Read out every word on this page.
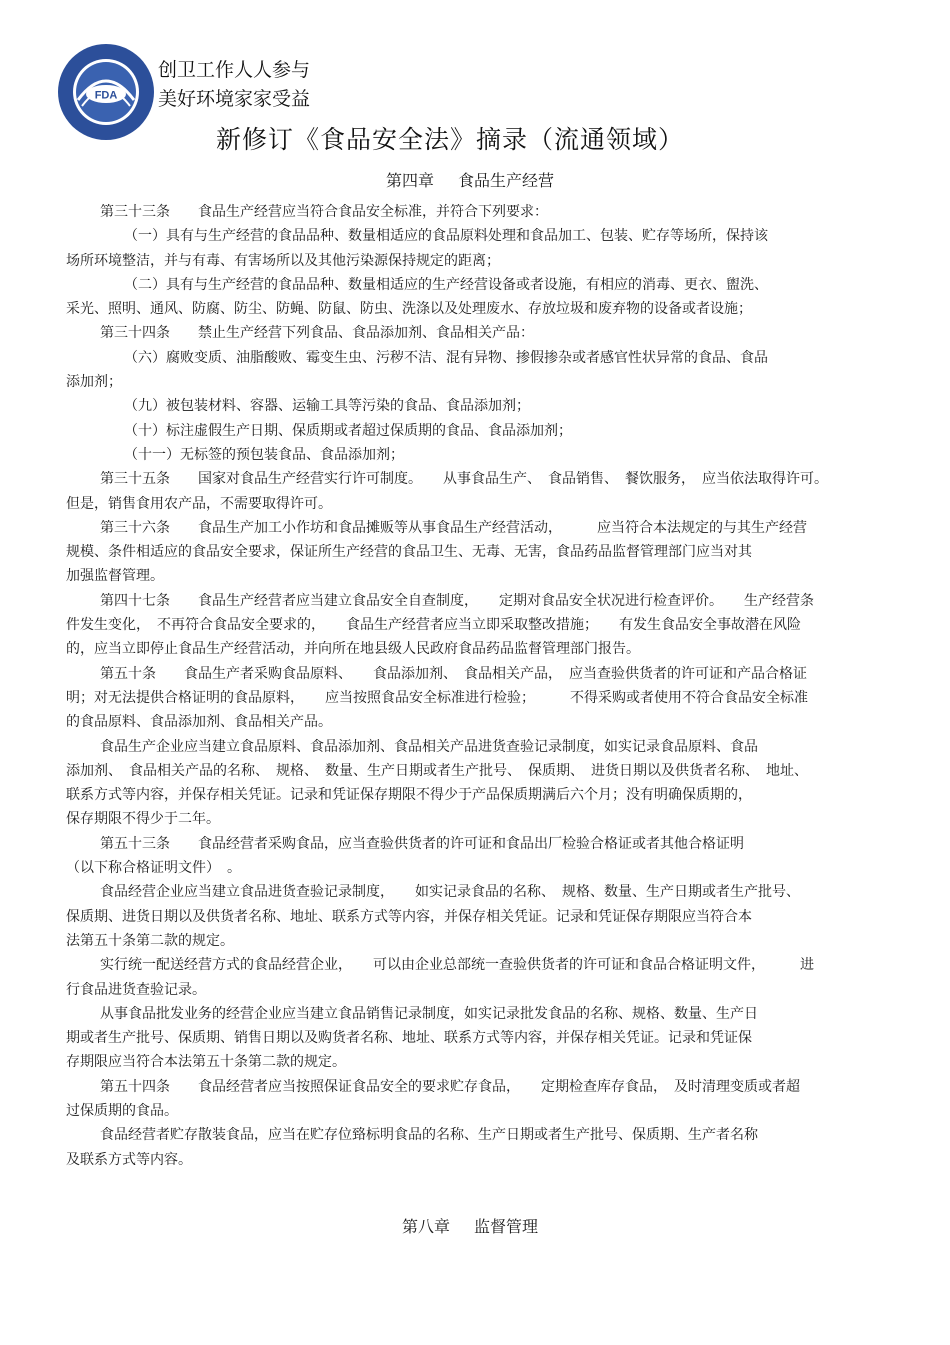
FDA
创卫工作人人参与
美好环境家家受益
新修订《食品安全法》摘录（流通领域）
第四章 食品生产经营
第三十三条　　食品生产经营应当符合食品安全标准，并符合下列要求：
（一）具有与生产经营的食品品种、数量相适应的食品原料处理和食品加工、包装、贮存等场所，保持该
场所环境整洁，并与有毒、有害场所以及其他污染源保持规定的距离；
（二）具有与生产经营的食品品种、数量相适应的生产经营设备或者设施，有相应的消毒、更衣、盥洗、
采光、照明、通风、防腐、防尘、防蝇、防鼠、防虫、洗涤以及处理废水、存放垃圾和废弃物的设备或者设施；
第三十四条　　禁止生产经营下列食品、食品添加剂、食品相关产品：
（六）腐败变质、油脂酸败、霉变生虫、污秽不洁、混有异物、掺假掺杂或者感官性状异常的食品、食品
添加剂；
（九）被包装材料、容器、运输工具等污染的食品、食品添加剂；
（十）标注虚假生产日期、保质期或者超过保质期的食品、食品添加剂；
（十一）无标签的预包装食品、食品添加剂；
第三十五条　　国家对食品生产经营实行许可制度。　　从事食品生产、　食品销售、　餐饮服务，　应当依法取得许可。
但是，销售食用农产品，不需要取得许可。
第三十六条　　食品生产加工小作坊和食品摊贩等从事食品生产经营活动，　　　应当符合本法规定的与其生产经营
规模、条件相适应的食品安全要求，保证所生产经营的食品卫生、无毒、无害，食品药品监督管理部门应当对其
加强监督管理。
第四十七条　　食品生产经营者应当建立食品安全自查制度，　　定期对食品安全状况进行检查评价。　　生产经营条
件发生变化，　不再符合食品安全要求的，　　食品生产经营者应当立即采取整改措施；　　有发生食品安全事故潜在风险
的，应当立即停止食品生产经营活动，并向所在地县级人民政府食品药品监督管理部门报告。
第五十条　　食品生产者采购食品原料、　　食品添加剂、　食品相关产品，　应当查验供货者的许可证和产品合格证
明；对无法提供合格证明的食品原料，　　应当按照食品安全标准进行检验；　　　不得采购或者使用不符合食品安全标准
的食品原料、食品添加剂、食品相关产品。
食品生产企业应当建立食品原料、食品添加剂、食品相关产品进货查验记录制度，如实记录食品原料、食品
添加剂、　食品相关产品的名称、　规格、　数量、生产日期或者生产批号、　保质期、　进货日期以及供货者名称、　地址、
联系方式等内容，并保存相关凭证。记录和凭证保存期限不得少于产品保质期满后六个月；没有明确保质期的，
保存期限不得少于二年。
第五十三条　　食品经营者采购食品，应当查验供货者的许可证和食品出厂检验合格证或者其他合格证明
（以下称合格证明文件）　。
食品经营企业应当建立食品进货查验记录制度，　　如实记录食品的名称、　规格、数量、生产日期或者生产批号、
保质期、进货日期以及供货者名称、地址、联系方式等内容，并保存相关凭证。记录和凭证保存期限应当符合本
法第五十条第二款的规定。
实行统一配送经营方式的食品经营企业，　　可以由企业总部统一查验供货者的许可证和食品合格证明文件，　　　进
行食品进货查验记录。
从事食品批发业务的经营企业应当建立食品销售记录制度，如实记录批发食品的名称、规格、数量、生产日
期或者生产批号、保质期、销售日期以及购货者名称、地址、联系方式等内容，并保存相关凭证。记录和凭证保
存期限应当符合本法第五十条第二款的规定。
第五十四条　　食品经营者应当按照保证食品安全的要求贮存食品，　　定期检查库存食品，　及时清理变质或者超
过保质期的食品。
食品经营者贮存散装食品，应当在贮存位臵标明食品的名称、生产日期或者生产批号、保质期、生产者名称
及联系方式等内容。
第八章 监督管理
